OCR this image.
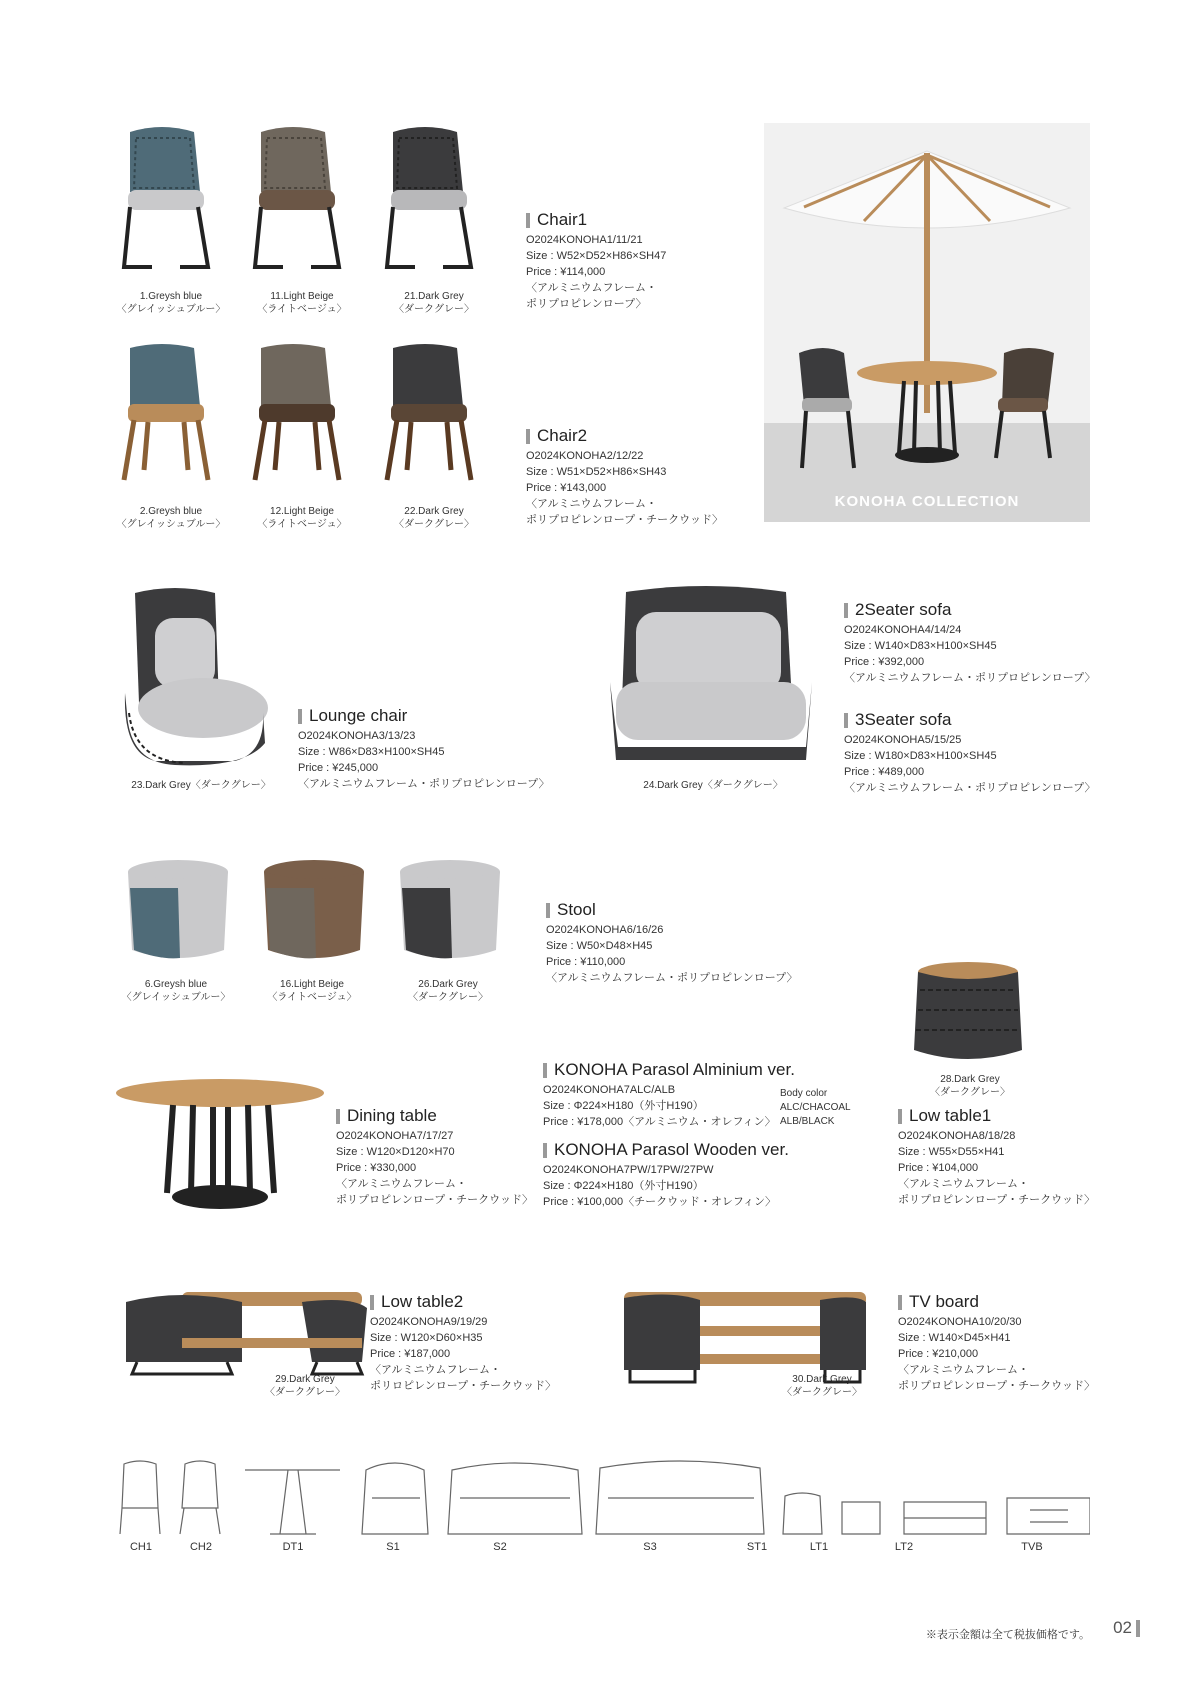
1.Greysh blue
〈グレイッシュブルー〉
11.Light Beige
〈ライトベージュ〉
21.Dark Grey
〈ダークグレー〉
Chair1
O2024KONOHA1/11/21
Size : W52×D52×H86×SH47
Price : ¥114,000
〈アルミニウムフレーム・
ポリプロピレンロープ〉
2.Greysh blue
〈グレイッシュブルー〉
12.Light Beige
〈ライトベージュ〉
22.Dark Grey
〈ダークグレー〉
Chair2
O2024KONOHA2/12/22
Size : W51×D52×H86×SH43
Price : ¥143,000
〈アルミニウムフレーム・
ポリプロピレンロープ・チークウッド〉
KONOHA COLLECTION
23.Dark Grey〈ダークグレー〉
Lounge chair
O2024KONOHA3/13/23
Size : W86×D83×H100×SH45
Price : ¥245,000
〈アルミニウムフレーム・ポリプロピレンロープ〉	24.Dark Grey〈ダークグレー〉
2Seater sofa
O2024KONOHA4/14/24
Size : W140×D83×H100×SH45
Price : ¥392,000
〈アルミニウムフレーム・ポリプロピレンロープ〉
3Seater sofa
O2024KONOHA5/15/25
Size : W180×D83×H100×SH45
Price : ¥489,000
〈アルミニウムフレーム・ポリプロピレンロープ〉
6.Greysh blue
〈グレイッシュブルー〉
16.Light Beige
〈ライトベージュ〉
26.Dark Grey
〈ダークグレー〉
Stool
O2024KONOHA6/16/26
Size : W50×D48×H45
Price : ¥110,000
〈アルミニウムフレーム・ポリプロピレンロープ〉
28.Dark Grey
〈ダークグレー〉
Dining table
O2024KONOHA7/17/27
Size : W120×D120×H70
Price : ¥330,000
〈アルミニウムフレーム・
ポリプロピレンロープ・チークウッド〉
KONOHA Parasol Alminium ver.
O2024KONOHA7ALC/ALB
Size : Φ224×H180（外寸H190）
Price : ¥178,000〈アルミニウム・オレフィン〉
Body color
ALC/CHACOAL
ALB/BLACK
KONOHA Parasol Wooden ver.
O2024KONOHA7PW/17PW/27PW
Size : Φ224×H180（外寸H190）
Price : ¥100,000〈チークウッド・オレフィン〉
Low table1
O2024KONOHA8/18/28
Size : W55×D55×H41
Price : ¥104,000
〈アルミニウムフレーム・
ポリプロピレンロープ・チークウッド〉
29.Dark Grey
〈ダークグレー〉
Low table2
O2024KONOHA9/19/29
Size : W120×D60×H35
Price : ¥187,000
〈アルミニウムフレーム・
ポリロピレンロープ・チークウッド〉
30.Dark Grey
〈ダークグレー〉
TV board
O2024KONOHA10/20/30
Size : W140×D45×H41
Price : ¥210,000
〈アルミニウムフレーム・
ポリプロピレンロープ・チークウッド〉
CH1	CH2	DT1	S1	S2	S3	ST1	LT1	LT2	TVB
※表示金額は全て税抜価格です。 02
